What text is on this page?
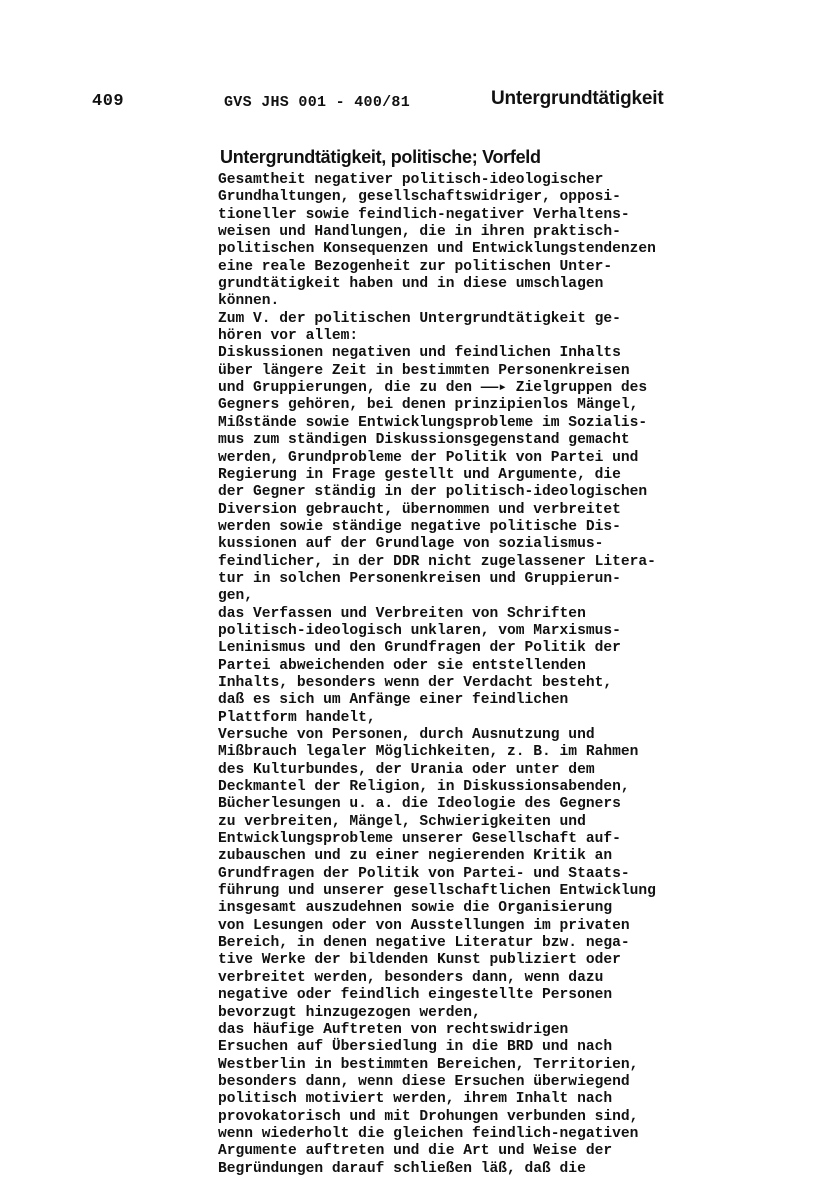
409	GVS JHS 001 - 400/81	Untergrundtätigkeit
Untergrundtätigkeit, politische; Vorfeld
Gesamtheit negativer politisch-ideologischer
Grundhaltungen, gesellschaftswidriger, opposi-
tioneller sowie feindlich-negativer Verhaltens-
weisen und Handlungen, die in ihren praktisch-
politischen Konsequenzen und Entwicklungstendenzen
eine reale Bezogenheit zur politischen Unter-
grundtätigkeit haben und in diese umschlagen
können.
Zum V. der politischen Untergrundtätigkeit ge-
hören vor allem:
Diskussionen negativen und feindlichen Inhalts
über längere Zeit in bestimmten Personenkreisen
und Gruppierungen, die zu den ——▸ Zielgruppen des
Gegners gehören, bei denen prinzipienlos Mängel,
Mißstände sowie Entwicklungsprobleme im Sozialis-
mus zum ständigen Diskussionsgegenstand gemacht
werden, Grundprobleme der Politik von Partei und
Regierung in Frage gestellt und Argumente, die
der Gegner ständig in der politisch-ideologischen
Diversion gebraucht, übernommen und verbreitet
werden sowie ständige negative politische Dis-
kussionen auf der Grundlage von sozialismus-
feindlicher, in der DDR nicht zugelassener Litera-
tur in solchen Personenkreisen und Gruppierun-
gen,
das Verfassen und Verbreiten von Schriften
politisch-ideologisch unklaren, vom Marxismus-
Leninismus und den Grundfragen der Politik der
Partei abweichenden oder sie entstellenden
Inhalts, besonders wenn der Verdacht besteht,
daß es sich um Anfänge einer feindlichen
Plattform handelt,
Versuche von Personen, durch Ausnutzung und
Mißbrauch legaler Möglichkeiten, z. B. im Rahmen
des Kulturbundes, der Urania oder unter dem
Deckmantel der Religion, in Diskussionsabenden,
Bücherlesungen u. a. die Ideologie des Gegners
zu verbreiten, Mängel, Schwierigkeiten und
Entwicklungsprobleme unserer Gesellschaft auf-
zubauschen und zu einer negierenden Kritik an
Grundfragen der Politik von Partei- und Staats-
führung und unserer gesellschaftlichen Entwicklung
insgesamt auszudehnen sowie die Organisierung
von Lesungen oder von Ausstellungen im privaten
Bereich, in denen negative Literatur bzw. nega-
tive Werke der bildenden Kunst publiziert oder
verbreitet werden, besonders dann, wenn dazu
negative oder feindlich eingestellte Personen
bevorzugt hinzugezogen werden,
das häufige Auftreten von rechtswidrigen
Ersuchen auf Übersiedlung in die BRD und nach
Westberlin in bestimmten Bereichen, Territorien,
besonders dann, wenn diese Ersuchen überwiegend
politisch motiviert werden, ihrem Inhalt nach
provokatorisch und mit Drohungen verbunden sind,
wenn wiederholt die gleichen feindlich-negativen
Argumente auftreten und die Art und Weise der
Begründungen darauf schließen läß, daß die
